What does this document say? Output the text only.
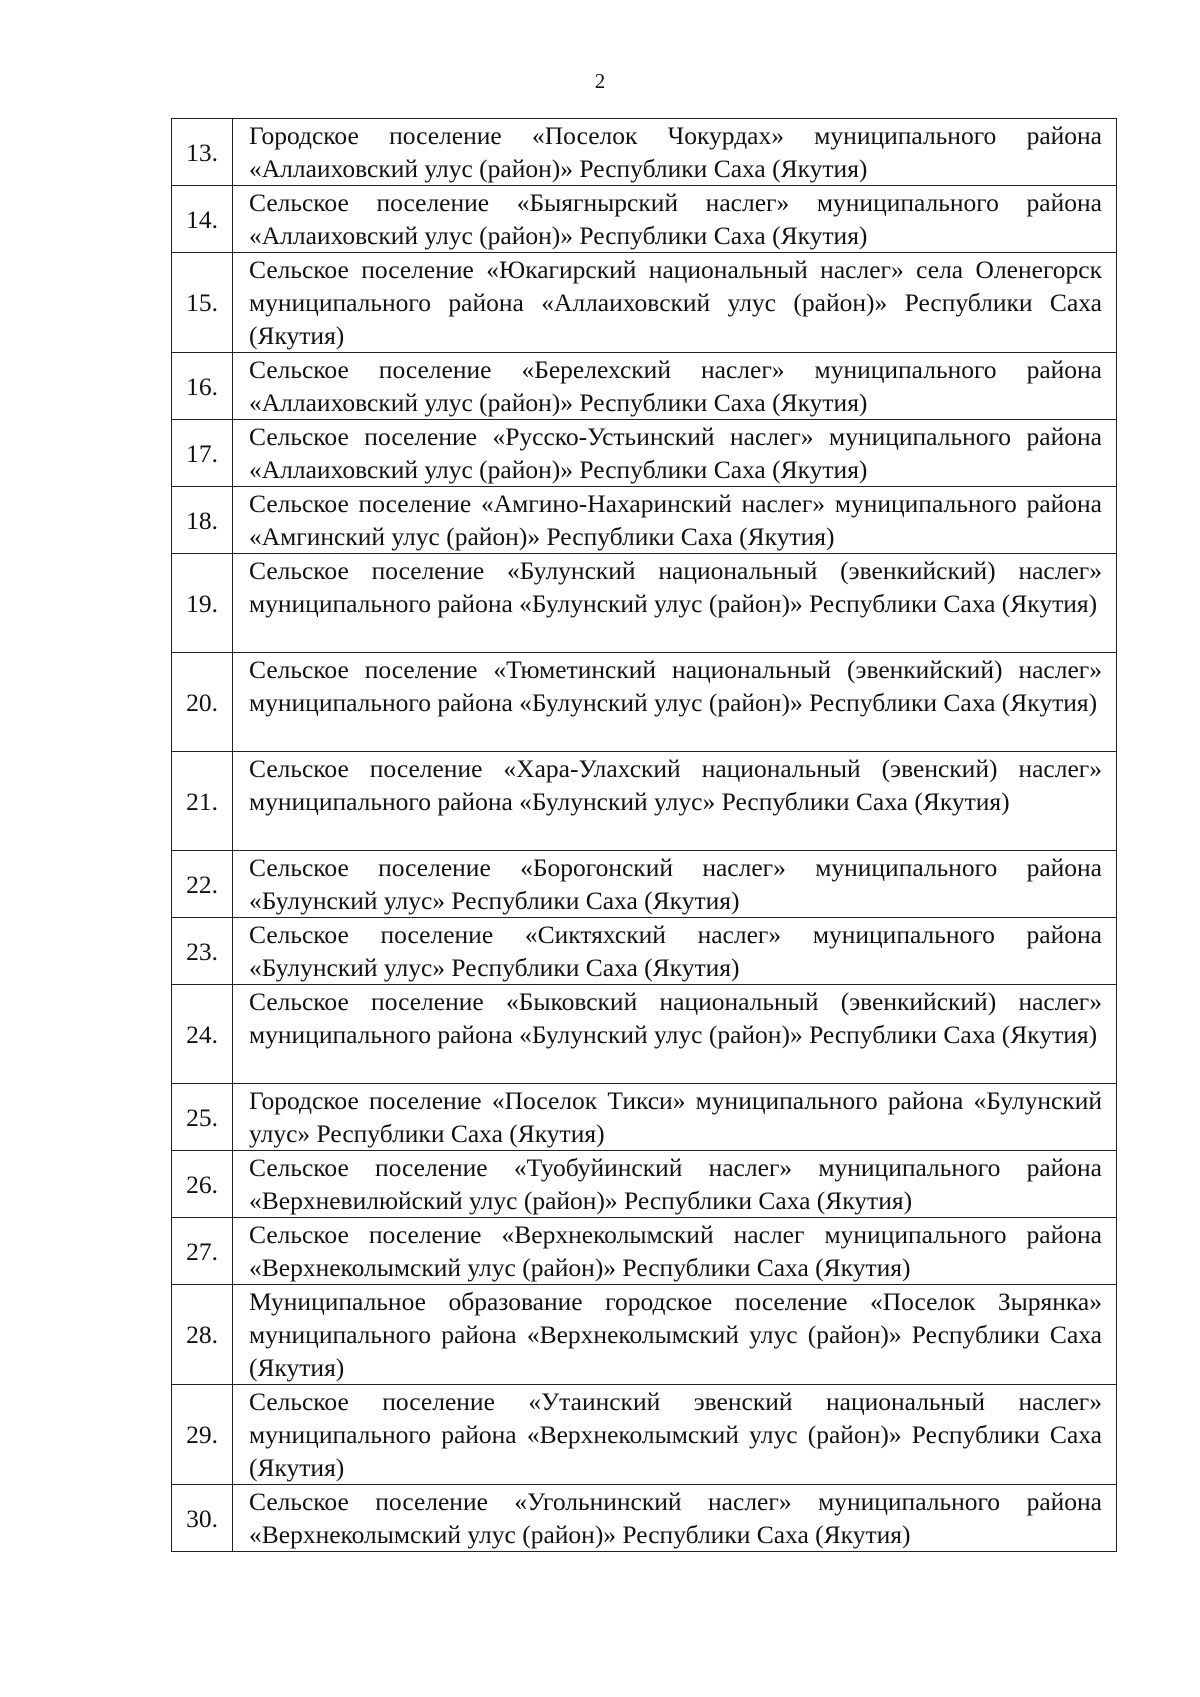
2
13.	Городское поселение «Поселок Чокурдах» муниципального района «Аллаиховский улус (район)» Республики Саха (Якутия)
14.	Сельское поселение «Быягнырский наслег» муниципального района «Аллаиховский улус (район)» Республики Саха (Якутия)
15.	Сельское поселение «Юкагирский национальный наслег» села Оленегорск муниципального района «Аллаиховский улус (район)» Республики Саха (Якутия)
16.	Сельское поселение «Берелехский наслег» муниципального района «Аллаиховский улус (район)» Республики Саха (Якутия)
17.	Сельское поселение «Русско-Устьинский наслег» муниципального района «Аллаиховский улус (район)» Республики Саха (Якутия)
18.	Сельское поселение «Амгино-Нахаринский наслег» муниципального района «Амгинский улус (район)» Республики Саха (Якутия)
19.	Сельское поселение «Булунский национальный (эвенкийский) наслег» муниципального района «Булунский улус (район)» Республики Саха (Якутия)
20.	Сельское поселение «Тюметинский национальный (эвенкийский) наслег» муниципального района «Булунский улус (район)» Республики Саха (Якутия)
21.	Сельское поселение «Хара-Улахский национальный (эвенский) наслег» муниципального района «Булунский улус» Республики Саха (Якутия)
22.	Сельское поселение «Борогонский наслег» муниципального района «Булунский улус» Республики Саха (Якутия)
23.	Сельское поселение «Сиктяхский наслег» муниципального района «Булунский улус» Республики Саха (Якутия)
24.	Сельское поселение «Быковский национальный (эвенкийский) наслег» муниципального района «Булунский улус (район)» Республики Саха (Якутия)
25.	Городское поселение «Поселок Тикси» муниципального района «Булунский улус» Республики Саха (Якутия)
26.	Сельское поселение «Туобуйинский наслег» муниципального района «Верхневилюйский улус (район)» Республики Саха (Якутия)
27.	Сельское поселение «Верхнеколымский наслег муниципального района «Верхнеколымский улус (район)» Республики Саха (Якутия)
28.	Муниципальное образование городское поселение «Поселок Зырянка» муниципального района «Верхнеколымский улус (район)» Республики Саха (Якутия)
29.	Сельское поселение «Утаинский эвенский национальный наслег» муниципального района «Верхнеколымский улус (район)» Республики Саха (Якутия)
30.	Сельское поселение «Угольнинский наслег» муниципального района «Верхнеколымский улус (район)» Республики Саха (Якутия)
